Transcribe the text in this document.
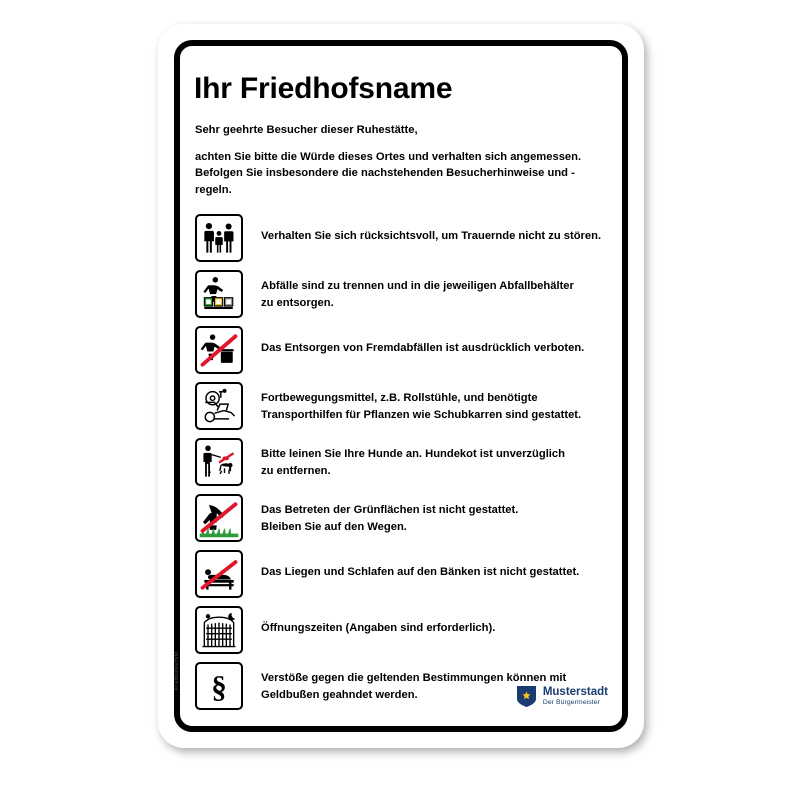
Friedhofsschild
Ihr Friedhofsname

Sehr geehrte Besucher dieser Ruhestätte,

achten Sie bitte die Würde dieses Ortes und verhalten sich angemessen.

Befolgen Sie insbesondere die nachstehenden Besucherhinweise und -regeln.

Verhalten Sie sich rücksichtsvoll, um Trauernde nicht zu stören.
Abfälle sind zu trennen und in die jeweiligen Abfallbehälter
zu entsorgen.
Das Entsorgen von Fremdabfällen ist ausdrücklich verboten.
Fortbewegungsmittel, z.B. Rollstühle, und benötigte
Transporthilfen für Pflanzen wie Schubkarren sind gestattet.
Bitte leinen Sie Ihre Hunde an. Hundekot ist unverzüglich
zu entfernen.
Das Betreten der Grünflächen ist nicht gestattet.
Bleiben Sie auf den Wegen.
Das Liegen und Schlafen auf den Bänken ist nicht gestattet.
Öffnungszeiten (Angaben sind erforderlich).
§	Verstöße gegen die geltenden Bestimmungen können mit
Geldbußen geahndet werden.	Musterstadt
Der Bürgermeister
